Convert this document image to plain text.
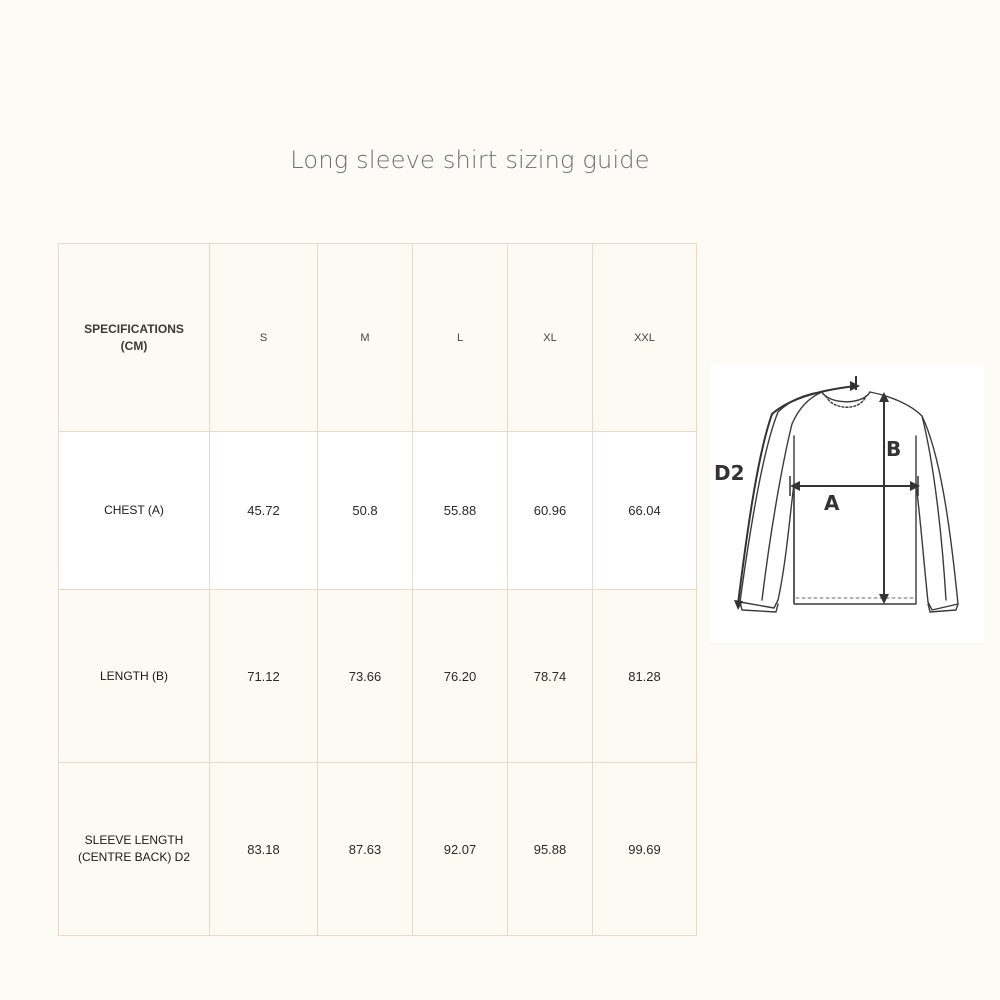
Long sleeve shirt sizing guide
SPECIFICATIONS
(CM)	S	M	L	XL	XXL

CHEST (A)	45.72	50.8	55.88	60.96	66.04

LENGTH (B)	71.12	73.66	76.20	78.74	81.28

SLEEVE LENGTH
(CENTRE BACK) D2	83.18	87.63	92.07	95.88	99.69
B
A
D2
